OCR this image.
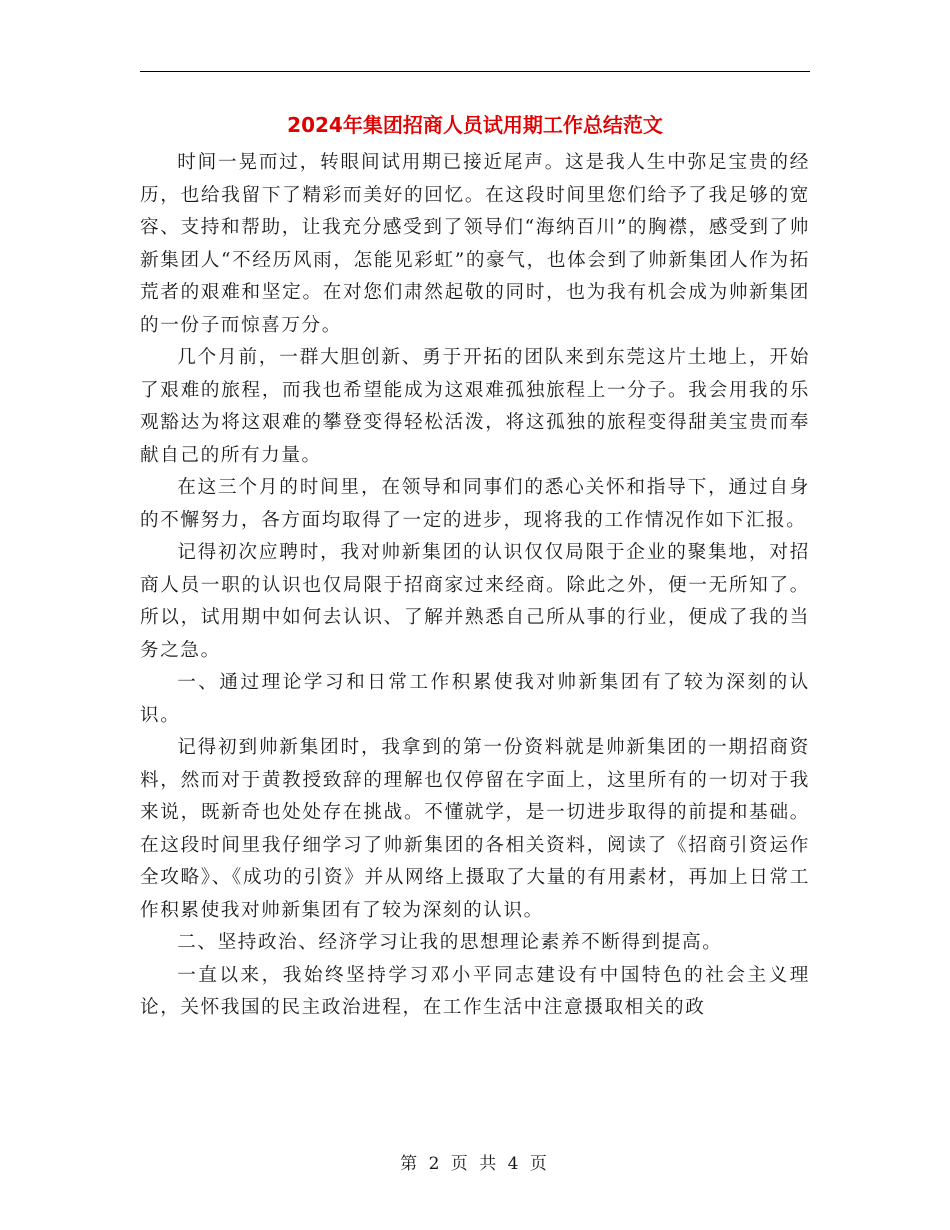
2024年集团招商人员试用期工作总结范文

时间一晃而过，转眼间试用期已接近尾声。这是我人生中弥足宝贵的经历，也给我留下了精彩而美好的回忆。在这段时间里您们给予了我足够的宽容、支持和帮助，让我充分感受到了领导们“海纳百川”的胸襟，感受到了帅新集团人“不经历风雨，怎能见彩虹”的豪气，也体会到了帅新集团人作为拓荒者的艰难和坚定。在对您们肃然起敬的同时，也为我有机会成为帅新集团的一份子而惊喜万分。

几个月前，一群大胆创新、勇于开拓的团队来到东莞这片土地上，开始了艰难的旅程，而我也希望能成为这艰难孤独旅程上一分子。我会用我的乐观豁达为将这艰难的攀登变得轻松活泼，将这孤独的旅程变得甜美宝贵而奉献自己的所有力量。

在这三个月的时间里，在领导和同事们的悉心关怀和指导下，通过自身的不懈努力，各方面均取得了一定的进步，现将我的工作情况作如下汇报。

记得初次应聘时，我对帅新集团的认识仅仅局限于企业的聚集地，对招商人员一职的认识也仅局限于招商家过来经商。除此之外，便一无所知了。所以，试用期中如何去认识、了解并熟悉自己所从事的行业，便成了我的当务之急。

一、通过理论学习和日常工作积累使我对帅新集团有了较为深刻的认识。

记得初到帅新集团时，我拿到的第一份资料就是帅新集团的一期招商资料，然而对于黄教授致辞的理解也仅停留在字面上，这里所有的一切对于我来说，既新奇也处处存在挑战。不懂就学，是一切进步取得的前提和基础。在这段时间里我仔细学习了帅新集团的各相关资料，阅读了《招商引资运作全攻略》、《成功的引资》并从网络上摄取了大量的有用素材，再加上日常工作积累使我对帅新集团有了较为深刻的认识。

二、坚持政治、经济学习让我的思想理论素养不断得到提高。

一直以来，我始终坚持学习邓小平同志建设有中国特色的社会主义理论，关怀我国的民主政治进程，在工作生活中注意摄取相关的政

第 2 页 共 4 页
